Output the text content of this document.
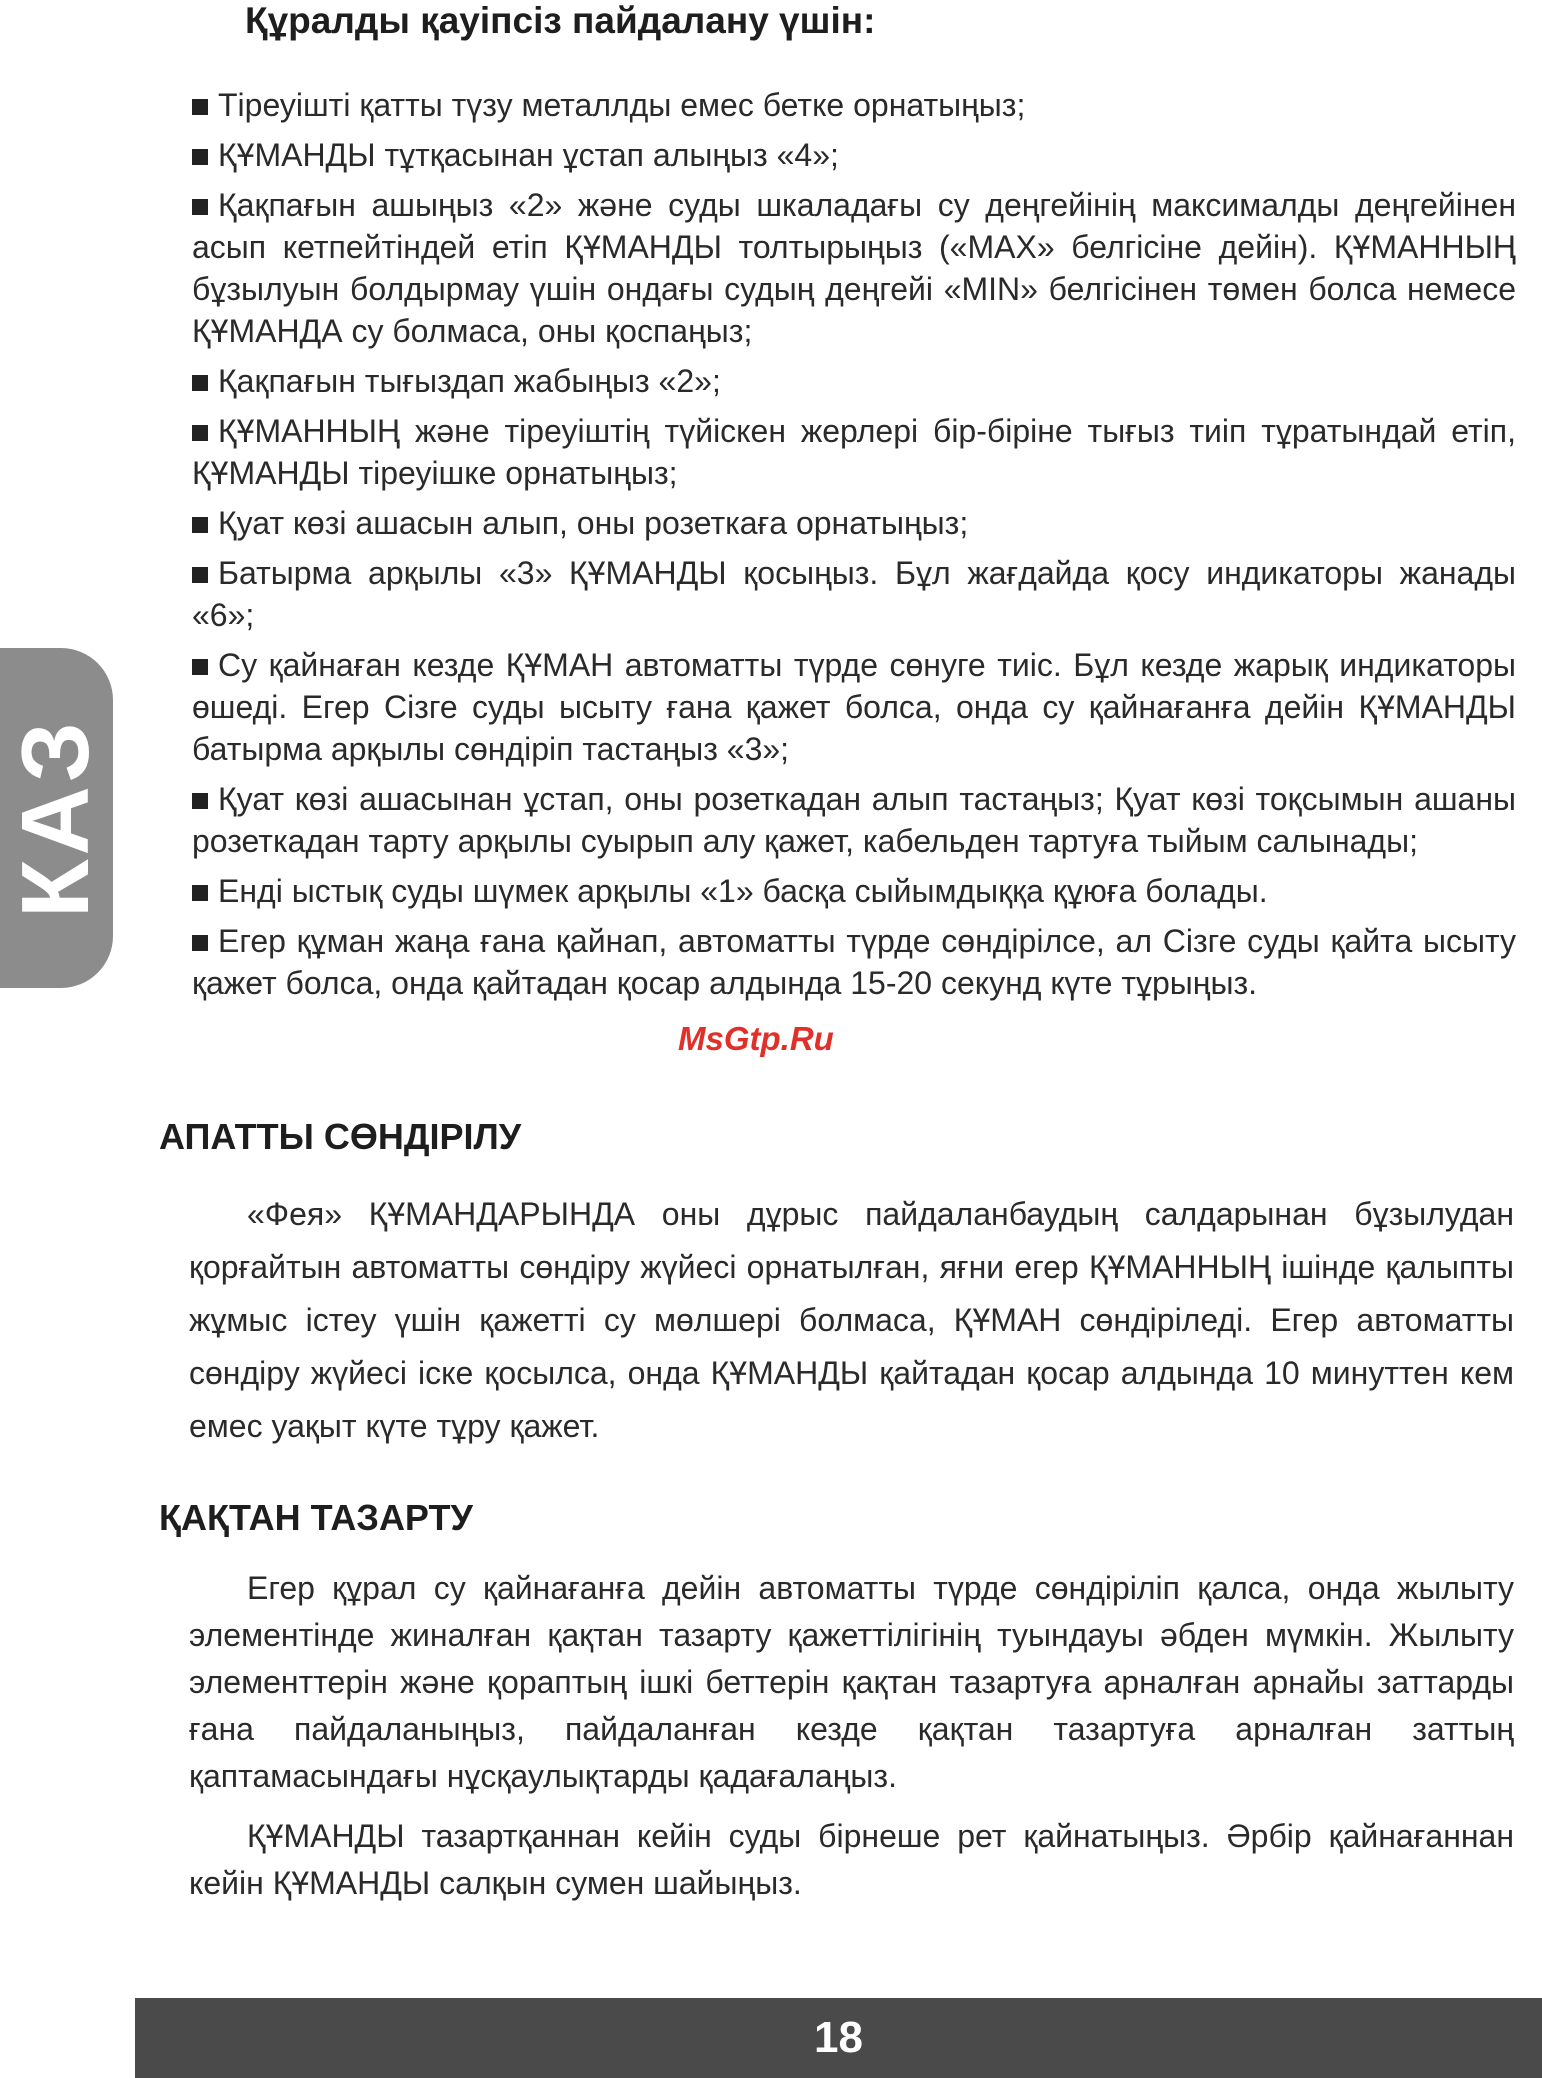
КАЗ
Құралды қауіпсіз пайдалану үшін:
Тіреуішті қатты түзу металлды емес бетке орнатыңыз;
ҚҰМАНДЫ тұтқасынан ұстап алыңыз «4»;
Қақпағын ашыңыз «2» және суды шкаладағы су деңгейінің максималды деңгейінен асып кетпейтіндей етіп ҚҰМАНДЫ толтырыңыз («MAX» белгісіне дейін). ҚҰМАННЫҢ бұзылуын болдырмау үшін ондағы судың деңгейі «MIN» белгісінен төмен болса немесе ҚҰМАНДА су болмаса, оны қоспаңыз;
Қақпағын тығыздап жабыңыз «2»;
ҚҰМАННЫҢ және тіреуіштің түйіскен жерлері бір-біріне тығыз тиіп тұратындай етіп, ҚҰМАНДЫ тіреуішке орнатыңыз;
Қуат көзі ашасын алып, оны розеткаға орнатыңыз;
Батырма арқылы «3» ҚҰМАНДЫ қосыңыз. Бұл жағдайда қосу индикаторы жанады «6»;
Су қайнаған кезде ҚҰМАН автоматты түрде сөнуге тиіс. Бұл кезде жарық индикаторы өшеді. Егер Сізге суды ысыту ғана қажет болса, онда су қайнағанға дейін ҚҰМАНДЫ батырма арқылы сөндіріп тастаңыз «3»;
Қуат көзі ашасынан ұстап, оны розеткадан алып тастаңыз; Қуат көзі тоқсымын ашаны розеткадан тарту арқылы суырып алу қажет, кабельден тартуға тыйым салынады;
Енді ыстық суды шүмек арқылы «1» басқа сыйымдыққа құюға болады.
Егер құман жаңа ғана қайнап, автоматты түрде сөндірілсе, ал Сізге суды қайта ысыту қажет болса, онда қайтадан қосар алдында 15-20 секунд күте тұрыңыз.
MsGtp.Ru
АПАТТЫ СӨНДІРІЛУ

«Фея» ҚҰМАНДАРЫНДА оны дұрыс пайдаланбаудың салдарынан бұзылудан қорғайтын автоматты сөндіру жүйесі орнатылған, яғни егер ҚҰМАННЫҢ ішінде қалыпты жұмыс істеу үшін қажетті су мөлшері болмаса, ҚҰМАН сөндіріледі. Егер автоматты сөндіру жүйесі іске қосылса, онда ҚҰМАНДЫ қайтадан қосар алдында 10 минуттен кем емес уақыт күте тұру қажет.

ҚАҚТАН ТАЗАРТУ

Егер құрал су қайнағанға дейін автоматты түрде сөндіріліп қалса, онда жылыту элементінде жиналған қақтан тазарту қажеттілігінің туындауы әбден мүмкін. Жылыту элементтерін және қораптың ішкі беттерін қақтан тазартуға арналған арнайы заттарды ғана пайдаланыңыз, пайдаланған кезде қақтан тазартуға арналған заттың қаптамасындағы нұсқаулықтарды қадағалаңыз.

ҚҰМАНДЫ тазартқаннан кейін суды бірнеше рет қайнатыңыз. Әрбір қайнағаннан кейін ҚҰМАНДЫ салқын сумен шайыңыз.

18
